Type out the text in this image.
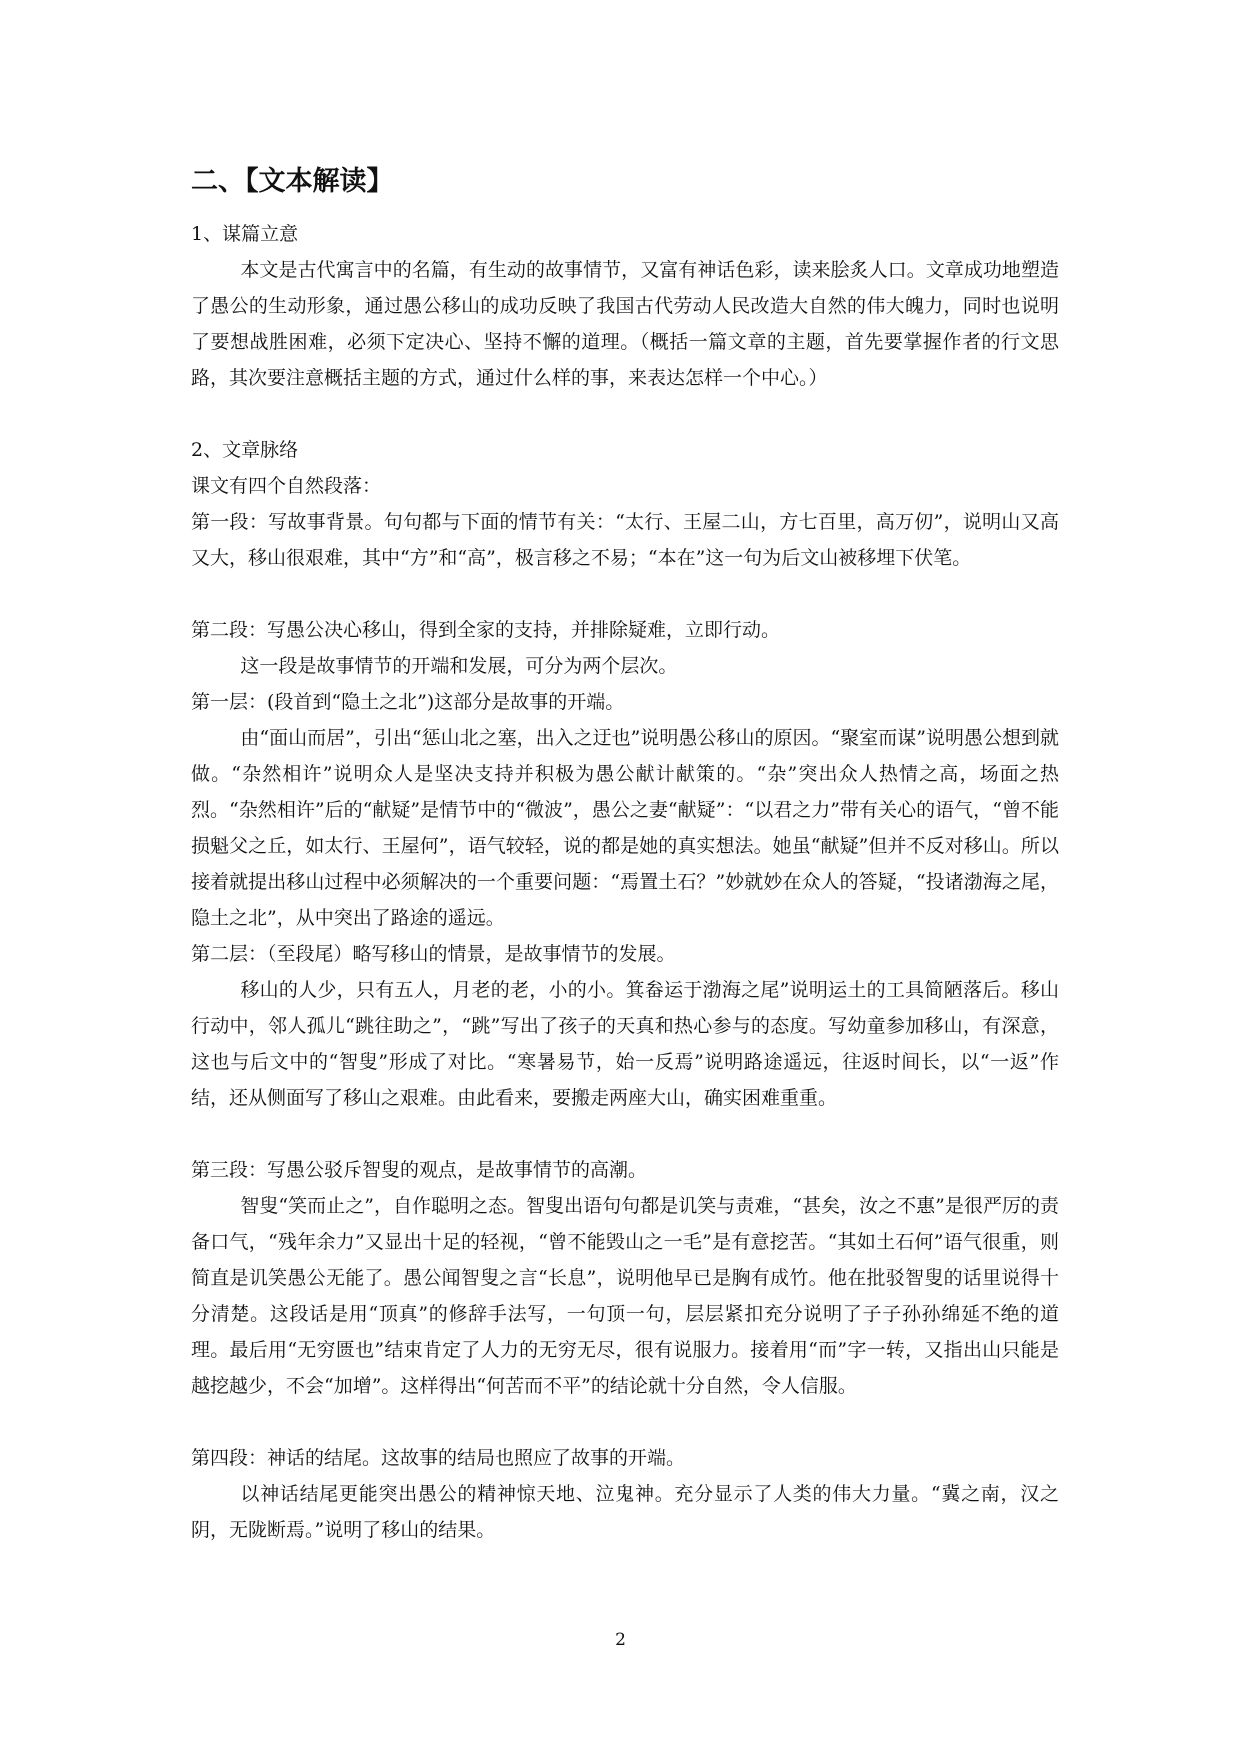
二、【文本解读】
1、谋篇立意

本文是古代寓言中的名篇，有生动的故事情节，又富有神话色彩，读来脍炙人口。文章成功地塑造了愚公的生动形象，通过愚公移山的成功反映了我国古代劳动人民改造大自然的伟大魄力，同时也说明了要想战胜困难，必须下定决心、坚持不懈的道理。（概括一篇文章的主题，首先要掌握作者的行文思路，其次要注意概括主题的方式，通过什么样的事，来表达怎样一个中心。）

2、文章脉络

课文有四个自然段落：

第一段：写故事背景。句句都与下面的情节有关：“太行、王屋二山，方七百里，高万仞”，说明山又高又大，移山很艰难，其中“方”和“高”，极言移之不易；“本在”这一句为后文山被移埋下伏笔。

第二段：写愚公决心移山，得到全家的支持，并排除疑难，立即行动。

这一段是故事情节的开端和发展，可分为两个层次。

第一层：(段首到“隐土之北”)这部分是故事的开端。

由“面山而居”，引出“惩山北之塞，出入之迂也”说明愚公移山的原因。“聚室而谋”说明愚公想到就做。“杂然相许”说明众人是坚决支持并积极为愚公献计献策的。“杂”突出众人热情之高，场面之热烈。“杂然相许”后的“献疑”是情节中的“微波”，愚公之妻“献疑”：“以君之力”带有关心的语气，“曾不能损魁父之丘，如太行、王屋何”，语气较轻，说的都是她的真实想法。她虽“献疑”但并不反对移山。所以接着就提出移山过程中必须解决的一个重要问题：“焉置土石？”妙就妙在众人的答疑，“投诸渤海之尾，隐土之北”，从中突出了路途的遥远。

第二层：（至段尾）略写移山的情景，是故事情节的发展。

移山的人少，只有五人，月老的老，小的小。箕畚运于渤海之尾”说明运土的工具简陋落后。移山行动中，邻人孤儿“跳往助之”，“跳”写出了孩子的天真和热心参与的态度。写幼童参加移山，有深意，这也与后文中的“智叟”形成了对比。“寒暑易节，始一反焉”说明路途遥远，往返时间长，以“一返”作结，还从侧面写了移山之艰难。由此看来，要搬走两座大山，确实困难重重。

第三段：写愚公驳斥智叟的观点，是故事情节的高潮。

智叟“笑而止之”，自作聪明之态。智叟出语句句都是讥笑与责难，“甚矣，汝之不惠”是很严厉的责备口气，“残年余力”又显出十足的轻视，“曾不能毁山之一毛”是有意挖苦。“其如土石何”语气很重，则简直是讥笑愚公无能了。愚公闻智叟之言“长息”，说明他早已是胸有成竹。他在批驳智叟的话里说得十分清楚。这段话是用“顶真”的修辞手法写，一句顶一句，层层紧扣充分说明了子子孙孙绵延不绝的道理。最后用“无穷匮也”结束肯定了人力的无穷无尽，很有说服力。接着用“而”字一转，又指出山只能是越挖越少，不会“加增”。这样得出“何苦而不平”的结论就十分自然，令人信服。

第四段：神话的结尾。这故事的结局也照应了故事的开端。

以神话结尾更能突出愚公的精神惊天地、泣鬼神。充分显示了人类的伟大力量。“冀之南，汉之阴，无陇断焉。”说明了移山的结果。

2
